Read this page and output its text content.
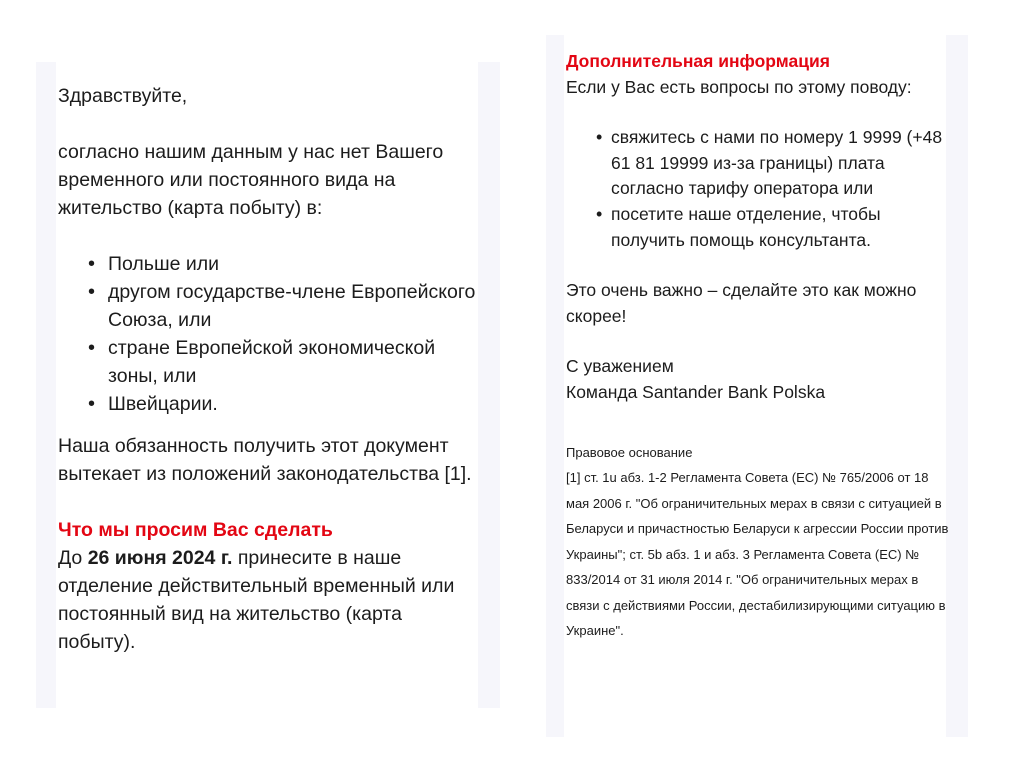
Здравствуйте,

согласно нашим данным у нас нет Вашего временного или постоянного вида на жительство (карта побыту) в:

• Польше или
• другом государстве-члене Европейского Союза, или
• стране Европейской экономической зоны, или
• Швейцарии.

Наша обязанность получить этот документ вытекает из положений законодательства [1].

Что мы просим Вас сделать

До 26 июня 2024 г. принесите в наше отделение действительный временный или постоянный вид на жительство (карта побыту).

Дополнительная информация

Если у Вас есть вопросы по этому поводу:

• свяжитесь с нами по номеру 1 9999 (+48 61 81 19999 из-за границы) плата согласно тарифу оператора или
• посетите наше отделение, чтобы получить помощь консультанта.

Это очень важно – сделайте это как можно скорее!

С уважением

Команда Santander Bank Polska

Правовое основание

[1] ст. 1u абз. 1-2 Регламента Совета (ЕС) № 765/2006 от 18 мая 2006 г. "Об ограничительных мерах в связи с ситуацией в Беларуси и причастностью Беларуси к агрессии России против Украины"; ст. 5b абз. 1 и абз. 3 Регламента Совета (ЕС) № 833/2014 от 31 июля 2014 г. "Об ограничительных мерах в связи с действиями России, дестабилизирующими ситуацию в Украине".
